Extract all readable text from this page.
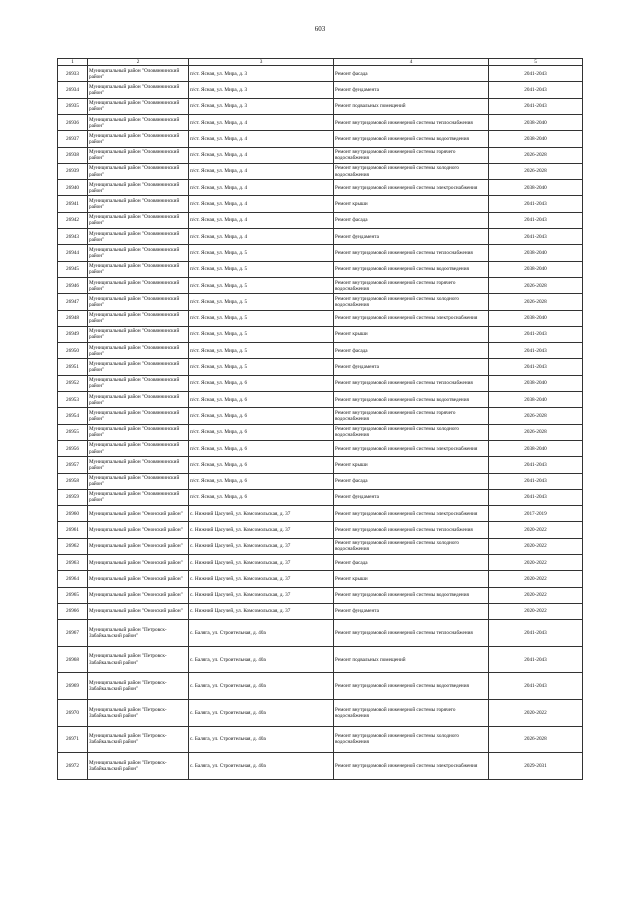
603
1	2	3	4	5
26933	Муниципальный район "Оловяннинский район"	п/ст. Ясная, ул. Мира, д. 3	Ремонт фасада	2041-2043
26934	Муниципальный район "Оловяннинский район"	п/ст. Ясная, ул. Мира, д. 3	Ремонт фундамента	2041-2043
26935	Муниципальный район "Оловяннинский район"	п/ст. Ясная, ул. Мира, д. 3	Ремонт подвальных помещений	2041-2043
26936	Муниципальный район "Оловяннинский район"	п/ст. Ясная, ул. Мира, д. 4	Ремонт внутридомовой инженерной системы теплоснабжения	2038-2040
26937	Муниципальный район "Оловяннинский район"	п/ст. Ясная, ул. Мира, д. 4	Ремонт внутридомовой инженерной системы водоотведения	2038-2040
26938	Муниципальный район "Оловяннинский район"	п/ст. Ясная, ул. Мира, д. 4	Ремонт внутридомовой инженерной системы горячего водоснабжения	2026-2028
26939	Муниципальный район "Оловяннинский район"	п/ст. Ясная, ул. Мира, д. 4	Ремонт внутридомовой инженерной системы холодного водоснабжения	2026-2028
26940	Муниципальный район "Оловяннинский район"	п/ст. Ясная, ул. Мира, д. 4	Ремонт внутридомовой инженерной системы электроснабжения	2038-2040
26941	Муниципальный район "Оловяннинский район"	п/ст. Ясная, ул. Мира, д. 4	Ремонт крыши	2041-2043
26942	Муниципальный район "Оловяннинский район"	п/ст. Ясная, ул. Мира, д. 4	Ремонт фасада	2041-2043
26943	Муниципальный район "Оловяннинский район"	п/ст. Ясная, ул. Мира, д. 4	Ремонт фундамента	2041-2043
26944	Муниципальный район "Оловяннинский район"	п/ст. Ясная, ул. Мира, д. 5	Ремонт внутридомовой инженерной системы теплоснабжения	2038-2040
26945	Муниципальный район "Оловяннинский район"	п/ст. Ясная, ул. Мира, д. 5	Ремонт внутридомовой инженерной системы водоотведения	2038-2040
26946	Муниципальный район "Оловяннинский район"	п/ст. Ясная, ул. Мира, д. 5	Ремонт внутридомовой инженерной системы горячего водоснабжения	2026-2028
26947	Муниципальный район "Оловяннинский район"	п/ст. Ясная, ул. Мира, д. 5	Ремонт внутридомовой инженерной системы холодного водоснабжения	2026-2028
26948	Муниципальный район "Оловяннинский район"	п/ст. Ясная, ул. Мира, д. 5	Ремонт внутридомовой инженерной системы электроснабжения	2038-2040
26949	Муниципальный район "Оловяннинский район"	п/ст. Ясная, ул. Мира, д. 5	Ремонт крыши	2041-2043
26950	Муниципальный район "Оловяннинский район"	п/ст. Ясная, ул. Мира, д. 5	Ремонт фасада	2041-2043
26951	Муниципальный район "Оловяннинский район"	п/ст. Ясная, ул. Мира, д. 5	Ремонт фундамента	2041-2043
26952	Муниципальный район "Оловяннинский район"	п/ст. Ясная, ул. Мира, д. 6	Ремонт внутридомовой инженерной системы теплоснабжения	2038-2040
26953	Муниципальный район "Оловяннинский район"	п/ст. Ясная, ул. Мира, д. 6	Ремонт внутридомовой инженерной системы водоотведения	2038-2040
26954	Муниципальный район "Оловяннинский район"	п/ст. Ясная, ул. Мира, д. 6	Ремонт внутридомовой инженерной системы горячего водоснабжения	2026-2028
26955	Муниципальный район "Оловяннинский район"	п/ст. Ясная, ул. Мира, д. 6	Ремонт внутридомовой инженерной системы холодного водоснабжения	2026-2028
26956	Муниципальный район "Оловяннинский район"	п/ст. Ясная, ул. Мира, д. 6	Ремонт внутридомовой инженерной системы электроснабжения	2038-2040
26957	Муниципальный район "Оловяннинский район"	п/ст. Ясная, ул. Мира, д. 6	Ремонт крыши	2041-2043
26958	Муниципальный район "Оловяннинский район"	п/ст. Ясная, ул. Мира, д. 6	Ремонт фасада	2041-2043
26959	Муниципальный район "Оловяннинский район"	п/ст. Ясная, ул. Мира, д. 6	Ремонт фундамента	2041-2043
26960	Муниципальный район "Ононский район"	с. Нижний Цасучей, ул. Комсомольская, д. 37	Ремонт внутридомовой инженерной системы электроснабжения	2017-2019
26961	Муниципальный район "Ононский район"	с. Нижний Цасучей, ул. Комсомольская, д. 37	Ремонт внутридомовой инженерной системы теплоснабжения	2020-2022
26962	Муниципальный район "Ононский район"	с. Нижний Цасучей, ул. Комсомольская, д. 37	Ремонт внутридомовой инженерной системы холодного водоснабжения	2020-2022
26963	Муниципальный район "Ононский район"	с. Нижний Цасучей, ул. Комсомольская, д. 37	Ремонт фасада	2020-2022
26964	Муниципальный район "Ононский район"	с. Нижний Цасучей, ул. Комсомольская, д. 37	Ремонт крыши	2020-2022
26965	Муниципальный район "Ононский район"	с. Нижний Цасучей, ул. Комсомольская, д. 37	Ремонт внутридомовой инженерной системы водоотведения	2020-2022
26966	Муниципальный район "Ононский район"	с. Нижний Цасучей, ул. Комсомольская, д. 37	Ремонт фундамента	2020-2022
26967	Муниципальный район "Петровск-Забайкальский район"	с. Баляга, ул. Строительная, д. 40а	Ремонт внутридомовой инженерной системы теплоснабжения	2041-2043
26968	Муниципальный район "Петровск-Забайкальский район"	с. Баляга, ул. Строительная, д. 40а	Ремонт подвальных помещений	2041-2043
26969	Муниципальный район "Петровск-Забайкальский район"	с. Баляга, ул. Строительная, д. 40а	Ремонт внутридомовой инженерной системы водоотведения	2041-2043
26970	Муниципальный район "Петровск-Забайкальский район"	с. Баляга, ул. Строительная, д. 40а	Ремонт внутридомовой инженерной системы горячего водоснабжения	2020-2022
26971	Муниципальный район "Петровск-Забайкальский район"	с. Баляга, ул. Строительная, д. 40а	Ремонт внутридомовой инженерной системы холодного водоснабжения	2026-2028
26972	Муниципальный район "Петровск-Забайкальский район"	с. Баляга, ул. Строительная, д. 40а	Ремонт внутридомовой инженерной системы электроснабжения	2029-2031
